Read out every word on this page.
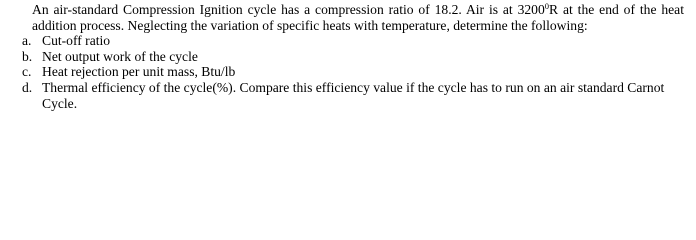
An air-standard Compression Ignition cycle has a compression ratio of 18.2. Air is at 3200$^0$R at the end of the heat addition process. Neglecting the variation of specific heats with temperature, determine the following:

a. Cut-off ratio
b. Net output work of the cycle
c. Heat rejection per unit mass, Btu/lb
d. Thermal efficiency of the cycle(%). Compare this efficiency value if the cycle has to run on an air standard Carnot Cycle.
